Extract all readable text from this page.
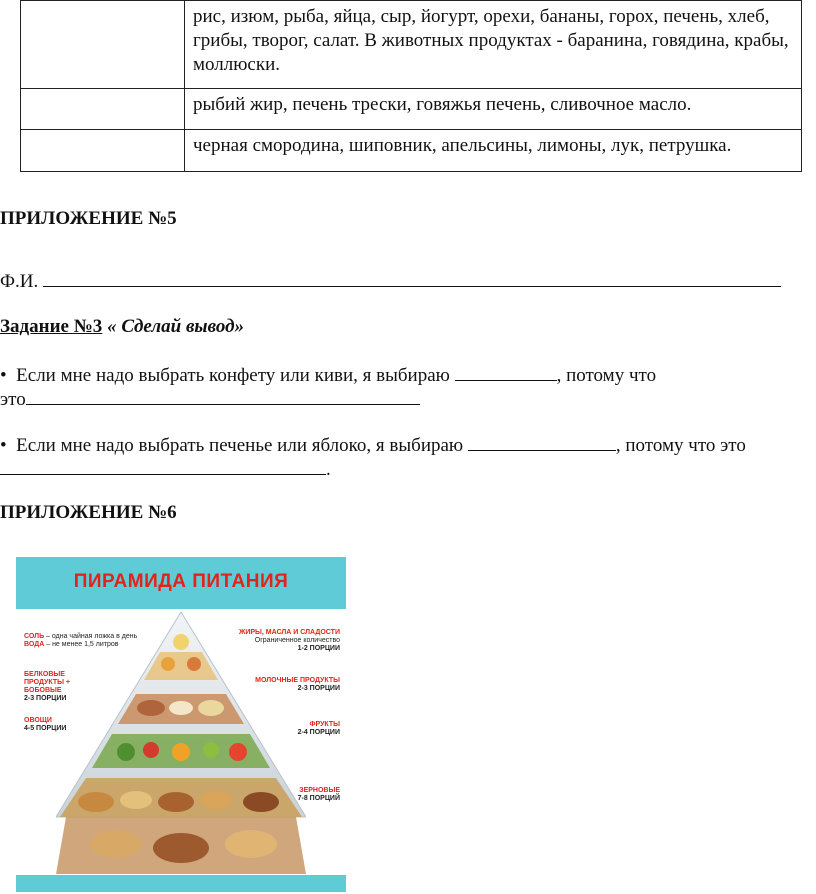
	рис, изюм, рыба, яйца, сыр, йогурт, орехи, бананы, горох, печень, хлеб, грибы, творог, салат. В животных продуктах - баранина, говядина, крабы, моллюски.
	рыбий жир, печень трески, говяжья печень, сливочное масло.
	черная смородина, шиповник, апельсины, лимоны, лук, петрушка.
ПРИЛОЖЕНИЕ №5
Ф.И.
Задание №3 « Сделай вывод»
• Если мне надо выбрать конфету или киви, я выбираю	, потому что
это
• Если мне надо выбрать печенье или яблоко, я выбираю	, потому что это
.
ПРИЛОЖЕНИЕ №6
ПИРАМИДА ПИТАНИЯ
СОЛЬ – одна чайная ложка в день
ВОДА – не менее 1,5 литров
БЕЛКОВЫЕ ПРОДУКТЫ + БОБОВЫЕ
2-3 ПОРЦИИ
ОВОЩИ
4-5 ПОРЦИИ
ЖИРЫ, МАСЛА И СЛАДОСТИ
Ограниченное количество
1-2 ПОРЦИИ
МОЛОЧНЫЕ ПРОДУКТЫ
2-3 ПОРЦИИ
ФРУКТЫ
2-4 ПОРЦИИ
ЗЕРНОВЫЕ
7-8 ПОРЦИЙ
